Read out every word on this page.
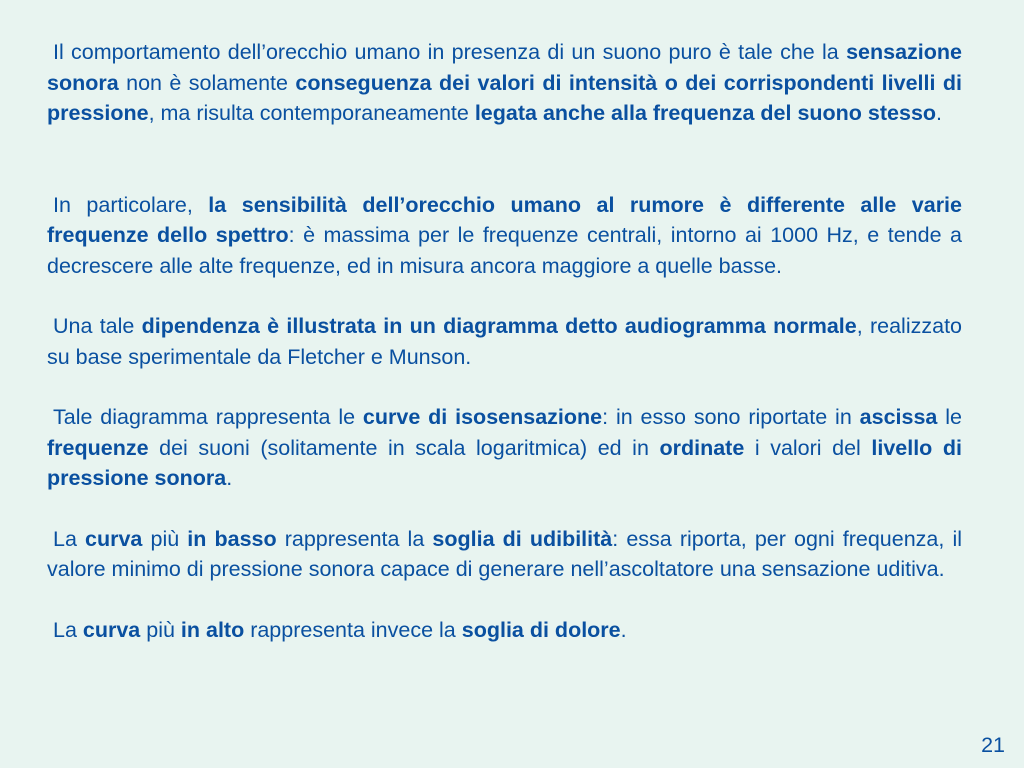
Il comportamento dell’orecchio umano in presenza di un suono puro è tale che la sensazione sonora non è solamente conseguenza dei valori di intensità o dei corrispondenti livelli di pressione, ma risulta contemporaneamente legata anche alla frequenza del suono stesso.

In particolare, la sensibilità dell’orecchio umano al rumore è differente alle varie frequenze dello spettro: è massima per le frequenze centrali, intorno ai 1000 Hz, e tende a decrescere alle alte frequenze, ed in misura ancora maggiore a quelle basse.

Una tale dipendenza è illustrata in un diagramma detto audiogramma normale, realizzato su base sperimentale da Fletcher e Munson.

Tale diagramma rappresenta le curve di isosensazione: in esso sono riportate in ascissa le frequenze dei suoni (solitamente in scala logaritmica) ed in ordinate i valori del livello di pressione sonora.

La curva più in basso rappresenta la soglia di udibilità: essa riporta, per ogni frequenza, il valore minimo di pressione sonora capace di generare nell’ascoltatore una sensazione uditiva.

La curva più in alto rappresenta invece la soglia di dolore.

21
